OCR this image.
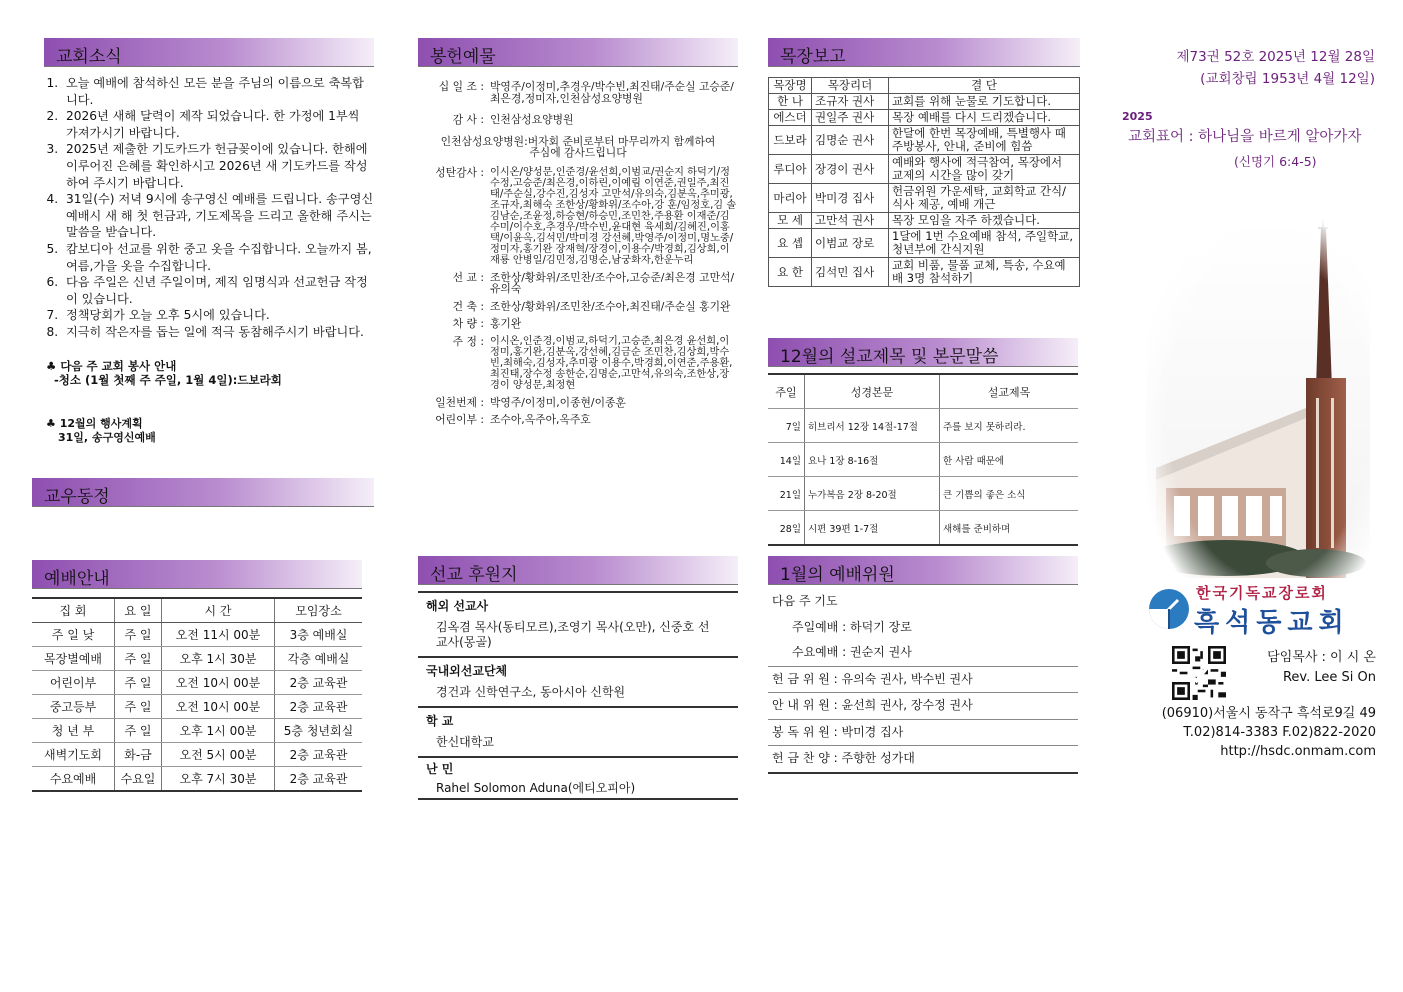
교회소식
1. 오늘 예배에 참석하신 모든 분을 주님의 이름으로 축복합니다.
2. 2026년 새해 달력이 제작 되었습니다. 한 가정에 1부씩 가져가시기 바랍니다.
3. 2025년 제출한 기도카드가 헌금꽂이에 있습니다. 한해에 이루어진 은혜를 확인하시고 2026년 새 기도카드를 작성하여 주시기 바랍니다.
4. 31일(수) 저녁 9시에 송구영신 예배를 드립니다. 송구영신 예배시 새 해 첫 헌금과, 기도제목을 드리고 올한해 주시는 말씀을 받습니다.
5. 캄보디아 선교를 위한 중고 옷을 수집합니다. 오늘까지 봄,여름,가을 옷을 수집합니다.
6. 다음 주일은 신년 주일이며, 제직 임명식과 선교헌금 작정이 있습니다.
7. 정책당회가 오늘 오후 5시에 있습니다.
8. 지극히 작은자를 돕는 일에 적극 동참해주시기 바랍니다.
♣ 다음 주 교회 봉사 안내
-청소 (1월 첫째 주 주일, 1월 4일):드보라회
♣ 12월의 행사계획
31일, 송구영신예배
교우동정
예배안내
집 회	요 일	시 간	모임장소
주 일 낮	주 일	오전 11시 00분	3층 예배실
목장별예배	주 일	오후 1시 30분	각층 예배실
어린이부	주 일	오전 10시 00분	2층 교육관
중고등부	주 일	오전 10시 00분	2층 교육관
청 년 부	주 일	오후 1시 00분	5층 청년회실
새벽기도회	화-금	오전 5시 00분	2층 교육관
수요예배	수요일	오후 7시 30분	2층 교육관
봉헌예물
십 일 조 : 박영주/이정미,추경우/박수빈,최진태/주순실 고승준/최은경,정미자,인천삼성요양병원
감 사 : 인천삼성요양병원
인천삼성요양병원:버자회 준비로부터 마무리까지 함께하여 주심에 감사드립니다
성탄감사 : 이시온/양성문,인준경/윤선희,이범교/권순지 하덕기/정수정,고승준/최은경,이하린,이예림 이연준,권일주,최진태/주순실,강수진,김성자 고만석/유의숙,김분옥,추미광,조규자,최해숙 조한상/황화위/조수아,강 훈/임정호,김 솔 김남순,조윤정,하승현/하승민,조민찬,주용환 이재준/김수미/이수호,추경우/박수빈,윤대현 육세희/김혜진,이홍택/이윤옥,김석민/박미경 강선혜,박영주/이정미,명노중/정미자,홍기완 장재혁/장경이,이용수/박경희,김상희,이재룡 안병일/김민정,김명순,남궁화자,한운누리
선 교 : 조한상/황화위/조민찬/조수아,고승준/최은경 고만석/유의숙
건 축 : 조한상/황화위/조민찬/조수아,최진태/주순실 홍기완
차 량 : 홍기완
주 정 : 이시온,인준경,이범교,하덕기,고승준,최은경 윤선희,이정미,홍기완,김분옥,강선혜,김금순 조민찬,김상희,박수빈,최해숙,김성자,추미광 이용수,박경희,이연준,주용환,최진태,장수정 송한순,김명순,고만석,유의숙,조한상,장경이 양성문,최정현
일천번제 : 박영주/이정미,이종현/이종훈
어린이부 : 조수아,옥주아,옥주호
선교 후원지
해외 선교사
김옥겸 목사(동티모르),조영기 목사(오만), 신중호 선교사(몽골)
국내외선교단체
경건과 신학연구소, 동아시아 신학원
학 교
한신대학교
난 민
Rahel Solomon Aduna(에티오피아)
목장보고
목장명	목장리더	결 단
한 나	조규자 권사	교회를 위해 눈물로 기도합니다.
에스더	권일주 권사	목장 예배를 다시 드리겠습니다.
드보라	김명순 권사	한달에 한번 목장예배, 특별행사 때 주방봉사, 안내, 준비에 힘씀
루디아	장경이 권사	예배와 행사에 적극참여, 목장에서 교제의 시간을 많이 갖기
마리아	박미경 집사	헌금위원 가운세탁, 교회학교 간식/식사 제공, 예배 개근
모 세	고만석 권사	목장 모임을 자주 하겠습니다.
요 셉	이범교 장로	1달에 1번 수요예배 참석, 주일학교, 청년부에 간식지원
요 한	김석민 집사	교회 비품, 물품 교체, 특송, 수요예배 3명 참석하기
12월의 설교제목 및 본문말씀
주일	성경본문	설교제목
7일	히브리서 12장 14절-17절	주를 보지 못하리라.
14일	요나 1장 8-16절	한 사람 때문에
21일	누가복음 2장 8-20절	큰 기쁨의 좋은 소식
28일	시편 39편 1-7절	새해를 준비하며
1월의 예배위원
다음 주 기도
주일예배 : 하덕기 장로
수요예배 : 권순지 권사
헌 금 위 원 : 유의숙 권사, 박수빈 권사
안 내 위 원 : 윤선희 권사, 장수정 권사
봉 독 위 원 : 박미경 집사
헌 금 찬 양 : 주향한 성가대
제73권 52호 2025년 12월 28일
(교회창립 1953년 4월 12일)
2025
교회표어 : 하나님을 바르게 알아가자
(신명기 6:4-5)
한국기독교장로회
흑석동교회
담임목사 : 이 시 온
Rev. Lee Si On
(06910)서울시 동작구 흑석로9길 49
T.02)814-3383 F.02)822-2020
http://hsdc.onmam.com
